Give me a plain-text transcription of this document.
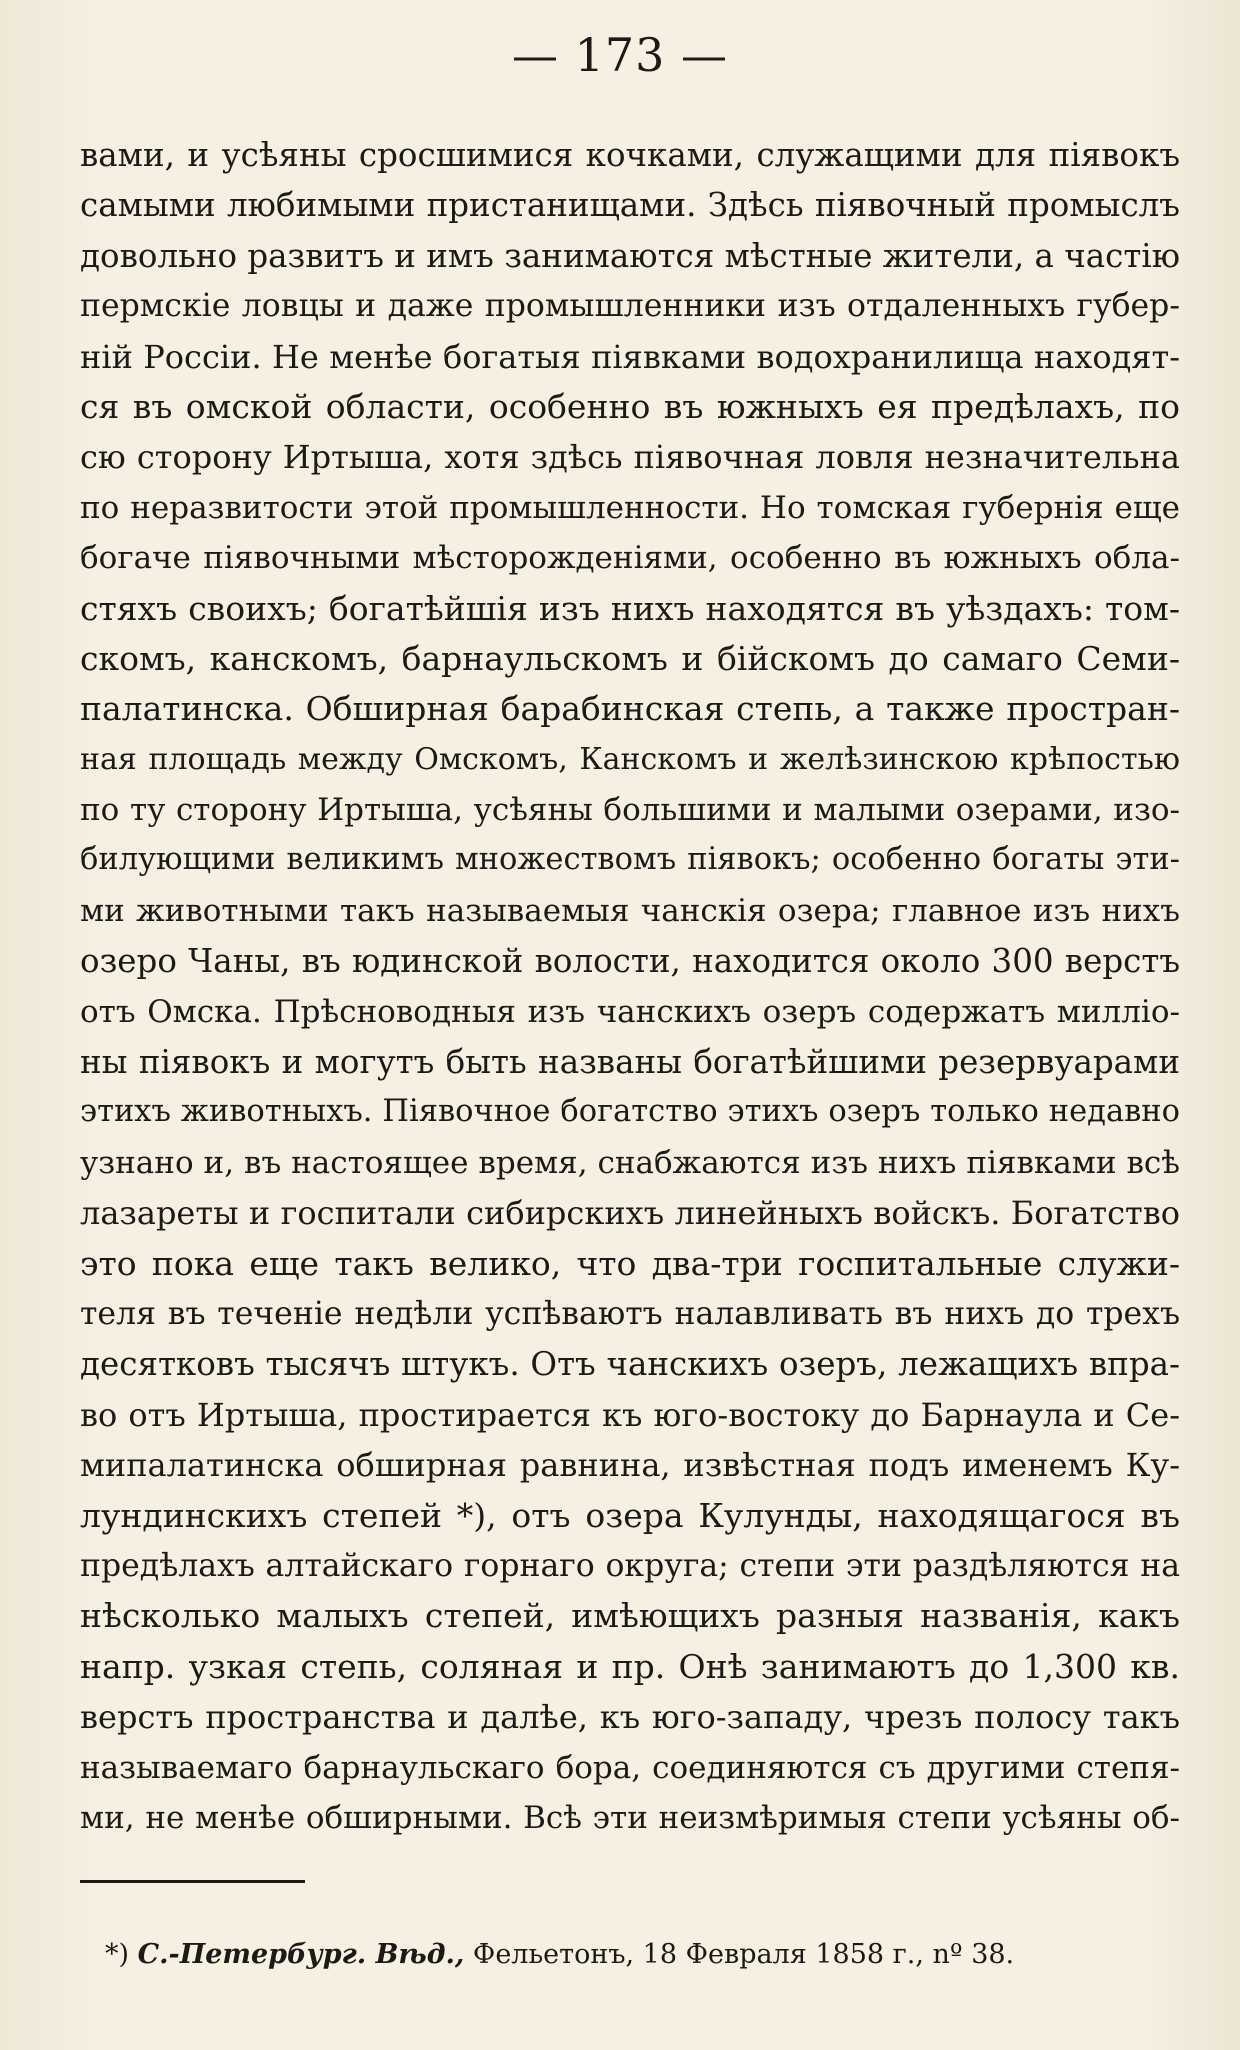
— 173 —
вами, и усѣяны сросшимися кочками, служащими для піявокъ
самыми любимыми пристанищами. Здѣсь піявочный промыслъ
довольно развитъ и имъ занимаются мѣстные жители, а частію
пермскіе ловцы и даже промышленники изъ отдаленныхъ губер-
ній Россіи. Не менѣе богатыя піявками водохранилища находят-
ся въ омской области, особенно въ южныхъ ея предѣлахъ, по
сю сторону Иртыша, хотя здѣсь піявочная ловля незначительна
по неразвитости этой промышленности. Но томская губернія еще
богаче піявочными мѣсторожденіями, особенно въ южныхъ обла-
стяхъ своихъ; богатѣйшія изъ нихъ находятся въ уѣздахъ: том-
скомъ, канскомъ, барнаульскомъ и бійскомъ до самаго Семи-
палатинска. Обширная барабинская степь, а также простран-
ная площадь между Омскомъ, Канскомъ и желѣзинскою крѣпостью
по ту сторону Иртыша, усѣяны большими и малыми озерами, изо-
билующими великимъ множествомъ піявокъ; особенно богаты эти-
ми животными такъ называемыя чанскія озера; главное изъ нихъ
озеро Чаны, въ юдинской волости, находится около 300 верстъ
отъ Омска. Прѣсноводныя изъ чанскихъ озеръ содержатъ милліо-
ны піявокъ и могутъ быть названы богатѣйшими резервуарами
этихъ животныхъ. Піявочное богатство этихъ озеръ только недавно
узнано и, въ настоящее время, снабжаются изъ нихъ піявками всѣ
лазареты и госпитали сибирскихъ линейныхъ войскъ. Богатство
это пока еще такъ велико, что два-три госпитальные служи-
теля въ теченіе недѣли успѣваютъ налавливать въ нихъ до трехъ
десятковъ тысячъ штукъ. Отъ чанскихъ озеръ, лежащихъ впра-
во отъ Иртыша, простирается къ юго-востоку до Барнаула и Се-
мипалатинска обширная равнина, извѣстная подъ именемъ Ку-
лундинскихъ степей *), отъ озера Кулунды, находящагося въ
предѣлахъ алтайскаго горнаго округа; степи эти раздѣляются на
нѣсколько малыхъ степей, имѣющихъ разныя названія, какъ
напр. узкая степь, соляная и пр. Онѣ занимаютъ до 1,300 кв.
верстъ пространства и далѣе, къ юго-западу, чрезъ полосу такъ
называемаго барнаульскаго бора, соединяются съ другими степя-
ми, не менѣе обширными. Всѣ эти неизмѣримыя степи усѣяны об-
*) С.-Петербург. Вѣд., Фельетонъ, 18 Февраля 1858 г., nº 38.
